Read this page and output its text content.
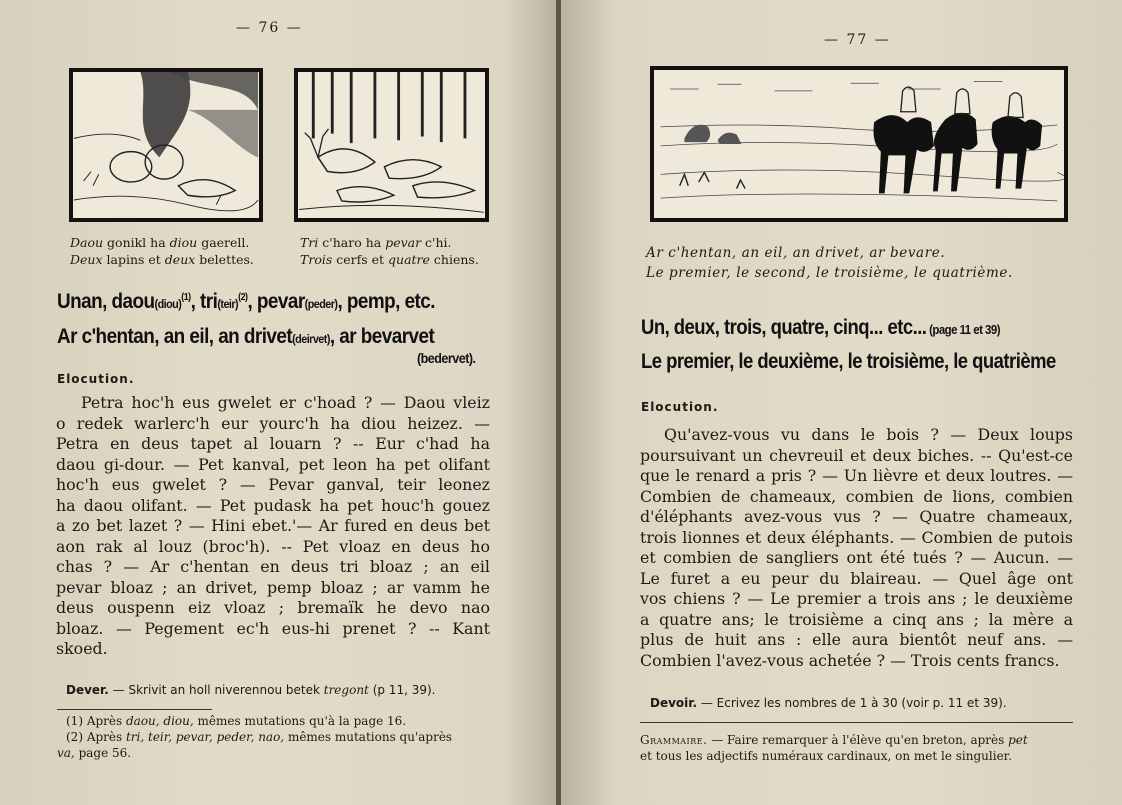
— 76 —
Daou gonikl ha diou gaerell.
Deux lapins et deux belettes.
Tri c'haro ha pevar c'hi.
Trois cerfs et quatre chiens.
Unan, daou(diou)$^{(1)}$, tri(teir)$^{(2)}$, pevar(peder), pemp, etc.
Ar c'hentan, an eil, an drivet(deirvet), ar bevarvet
(bedervet).
Elocution.
Petra hoc'h eus gwelet er c'hoad ? — Daou vleiz
o redek warlerc'h eur yourc'h ha diou heizez. —
Petra en deus tapet al louarn ? -- Eur c'had ha
daou gi-dour. — Pet kanval, pet leon ha pet olifant
hoc'h eus gwelet ? — Pevar ganval, teir leonez
ha daou olifant. — Pet pudask ha pet houc'h gouez
a zo bet lazet ? — Hini ebet.'— Ar fured en deus bet
aon rak al louz (broc'h). -- Pet vloaz en deus ho
chas ? — Ar c'hentan en deus tri bloaz ; an eil
pevar bloaz ; an drivet, pemp bloaz ; ar vamm he
deus ouspenn eiz vloaz ; bremaïk he devo nao
bloaz. — Pegement ec'h eus-hi prenet ? -- Kant
skoed.
Dever. — Skrivit an holl niverennou betek tregont (p 11, 39).
(1) Après daou, diou, mêmes mutations qu'à la page 16.
(2) Après tri, teir, pevar, peder, nao, mêmes mutations qu'après
va, page 56.
— 77 —
Ar c'hentan, an eil, an drivet, ar bevare.
Le premier, le second, le troisième, le quatrième.
Un, deux, trois, quatre, cinq... etc... (page 11 et 39)
Le premier, le deuxième, le troisième, le quatrième
Elocution.
Qu'avez-vous vu dans le bois ? — Deux loups
poursuivant un chevreuil et deux biches. -- Qu'est-ce
que le renard a pris ? — Un lièvre et deux loutres. —
Combien de chameaux, combien de lions, combien
d'éléphants avez-vous vus ? — Quatre chameaux,
trois lionnes et deux éléphants. — Combien de putois
et combien de sangliers ont été tués ? — Aucun. —
Le furet a eu peur du blaireau. — Quel âge ont
vos chiens ? — Le premier a trois ans ; le deuxième
a quatre ans; le troisième a cinq ans ; la mère a
plus de huit ans : elle aura bientôt neuf ans. —
Combien l'avez-vous achetée ? — Trois cents francs.
Devoir. — Ecrivez les nombres de 1 à 30 (voir p. 11 et 39).
Grammaire. — Faire remarquer à l'élève qu'en breton, après pet
et tous les adjectifs numéraux cardinaux, on met le singulier.
